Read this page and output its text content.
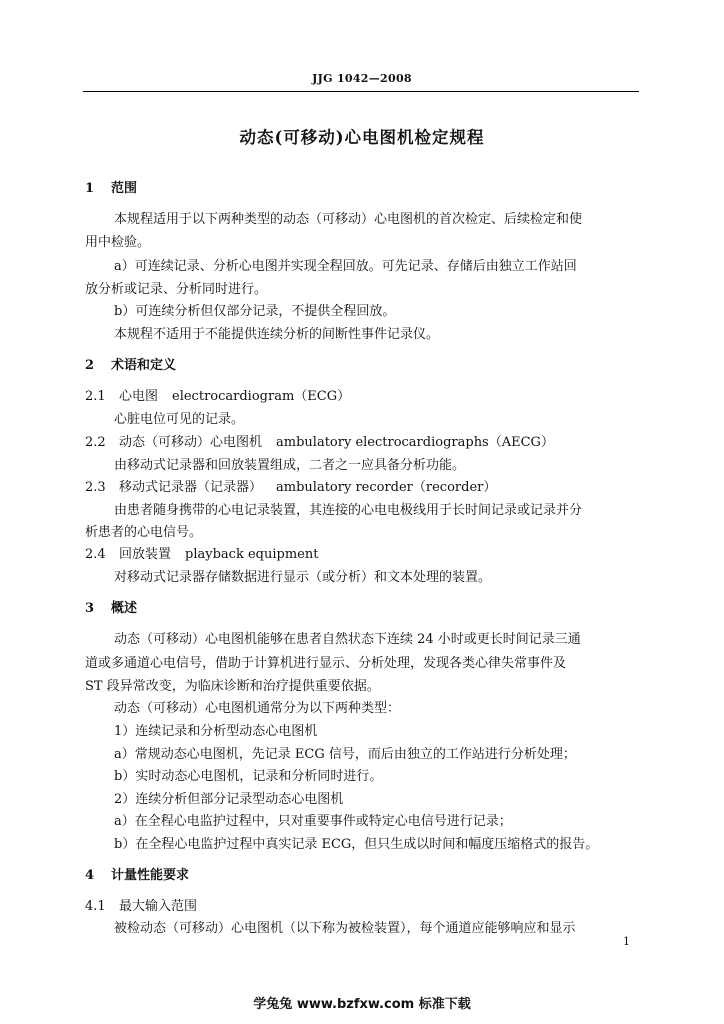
JJG 1042—2008
动态(可移动)心电图机检定规程
1 范围
本规程适用于以下两种类型的动态（可移动）心电图机的首次检定、后续检定和使
用中检验。
a）可连续记录、分析心电图并实现全程回放。可先记录、存储后由独立工作站回
放分析或记录、分析同时进行。
b）可连续分析但仅部分记录，不提供全程回放。
本规程不适用于不能提供连续分析的间断性事件记录仪。
2 术语和定义
2.1 心电图 electrocardiogram（ECG）
心脏电位可见的记录。
2.2 动态（可移动）心电图机 ambulatory electrocardiographs（AECG）
由移动式记录器和回放装置组成，二者之一应具备分析功能。
2.3 移动式记录器（记录器） ambulatory recorder（recorder）
由患者随身携带的心电记录装置，其连接的心电电极线用于长时间记录或记录并分
析患者的心电信号。
2.4 回放装置 playback equipment
对移动式记录器存储数据进行显示（或分析）和文本处理的装置。
3 概述
动态（可移动）心电图机能够在患者自然状态下连续 24 小时或更长时间记录三通
道或多通道心电信号，借助于计算机进行显示、分析处理，发现各类心律失常事件及
ST 段异常改变，为临床诊断和治疗提供重要依据。
动态（可移动）心电图机通常分为以下两种类型：
1）连续记录和分析型动态心电图机
a）常规动态心电图机，先记录 ECG 信号，而后由独立的工作站进行分析处理；
b）实时动态心电图机，记录和分析同时进行。
2）连续分析但部分记录型动态心电图机
a）在全程心电监护过程中，只对重要事件或特定心电信号进行记录；
b）在全程心电监护过程中真实记录 ECG，但只生成以时间和幅度压缩格式的报告。
4 计量性能要求
4.1 最大输入范围
被检动态（可移动）心电图机（以下称为被检装置），每个通道应能够响应和显示
1
学兔兔 www.bzfxw.com 标准下载
